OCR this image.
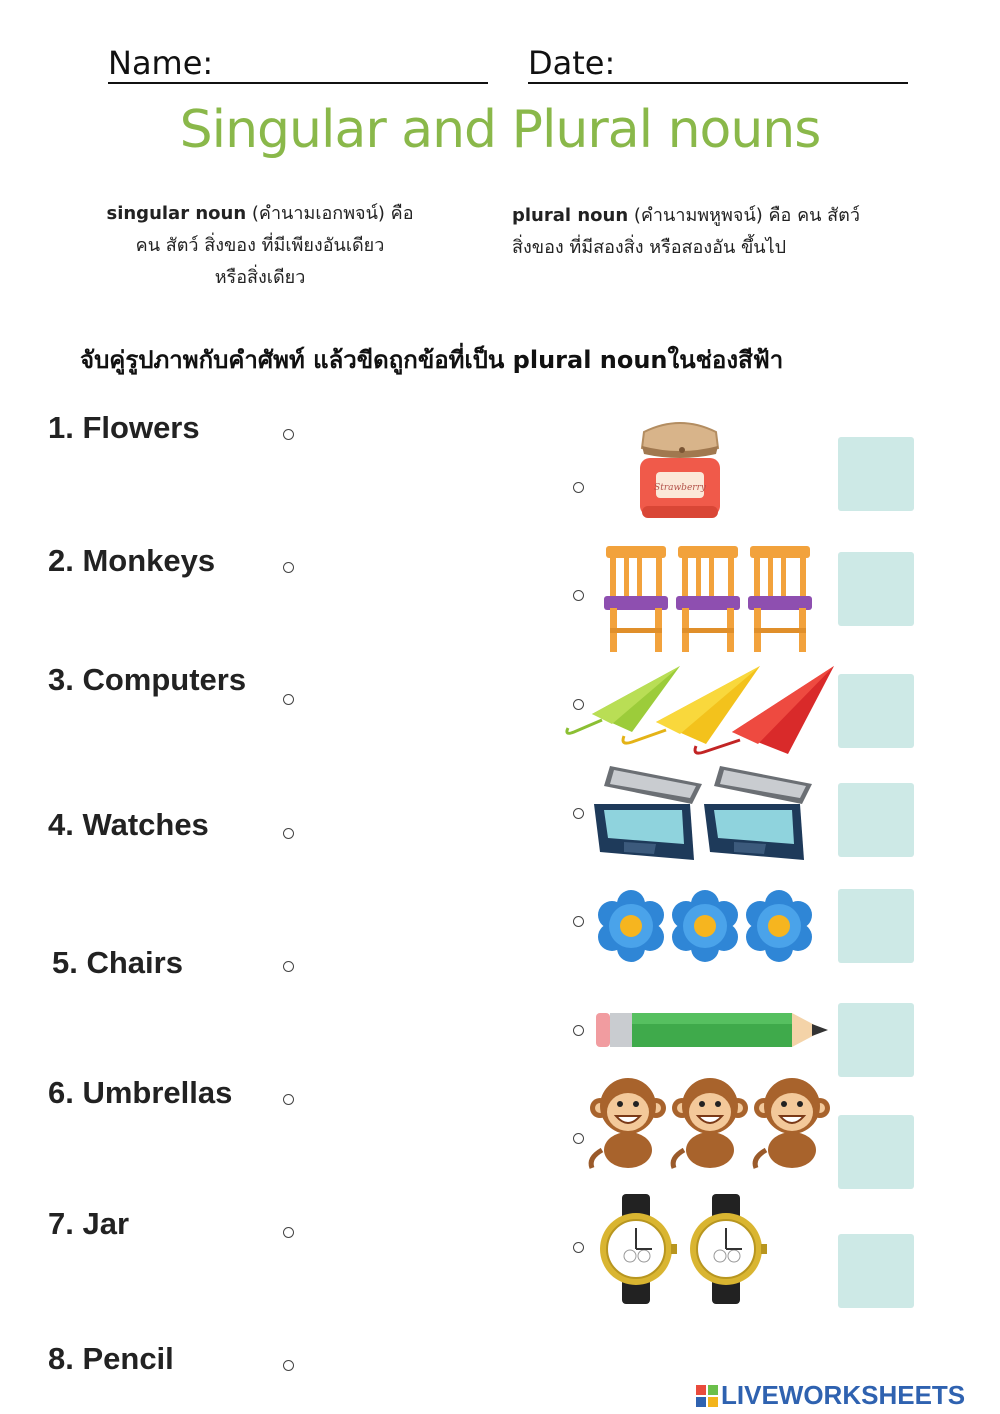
Name:	Date:
Singular and Plural nouns
singular noun (คำนามเอกพจน์) คือ
คน สัตว์ สิ่งของ ที่มีเพียงอันเดียว
หรือสิ่งเดียว
plural noun (คำนามพหูพจน์) คือ คน สัตว์
สิ่งของ ที่มีสองสิ่ง หรือสองอัน ขึ้นไป
จับคู่รูปภาพกับคำศัพท์ แล้วขีดถูกข้อที่เป็น plural nounในช่องสีฟ้า
1. Flowers
2. Monkeys
3. Computers
4. Watches
5. Chairs
6. Umbrellas
7. Jar
8. Pencil
Strawberry
LIVEWORKSHEETS
